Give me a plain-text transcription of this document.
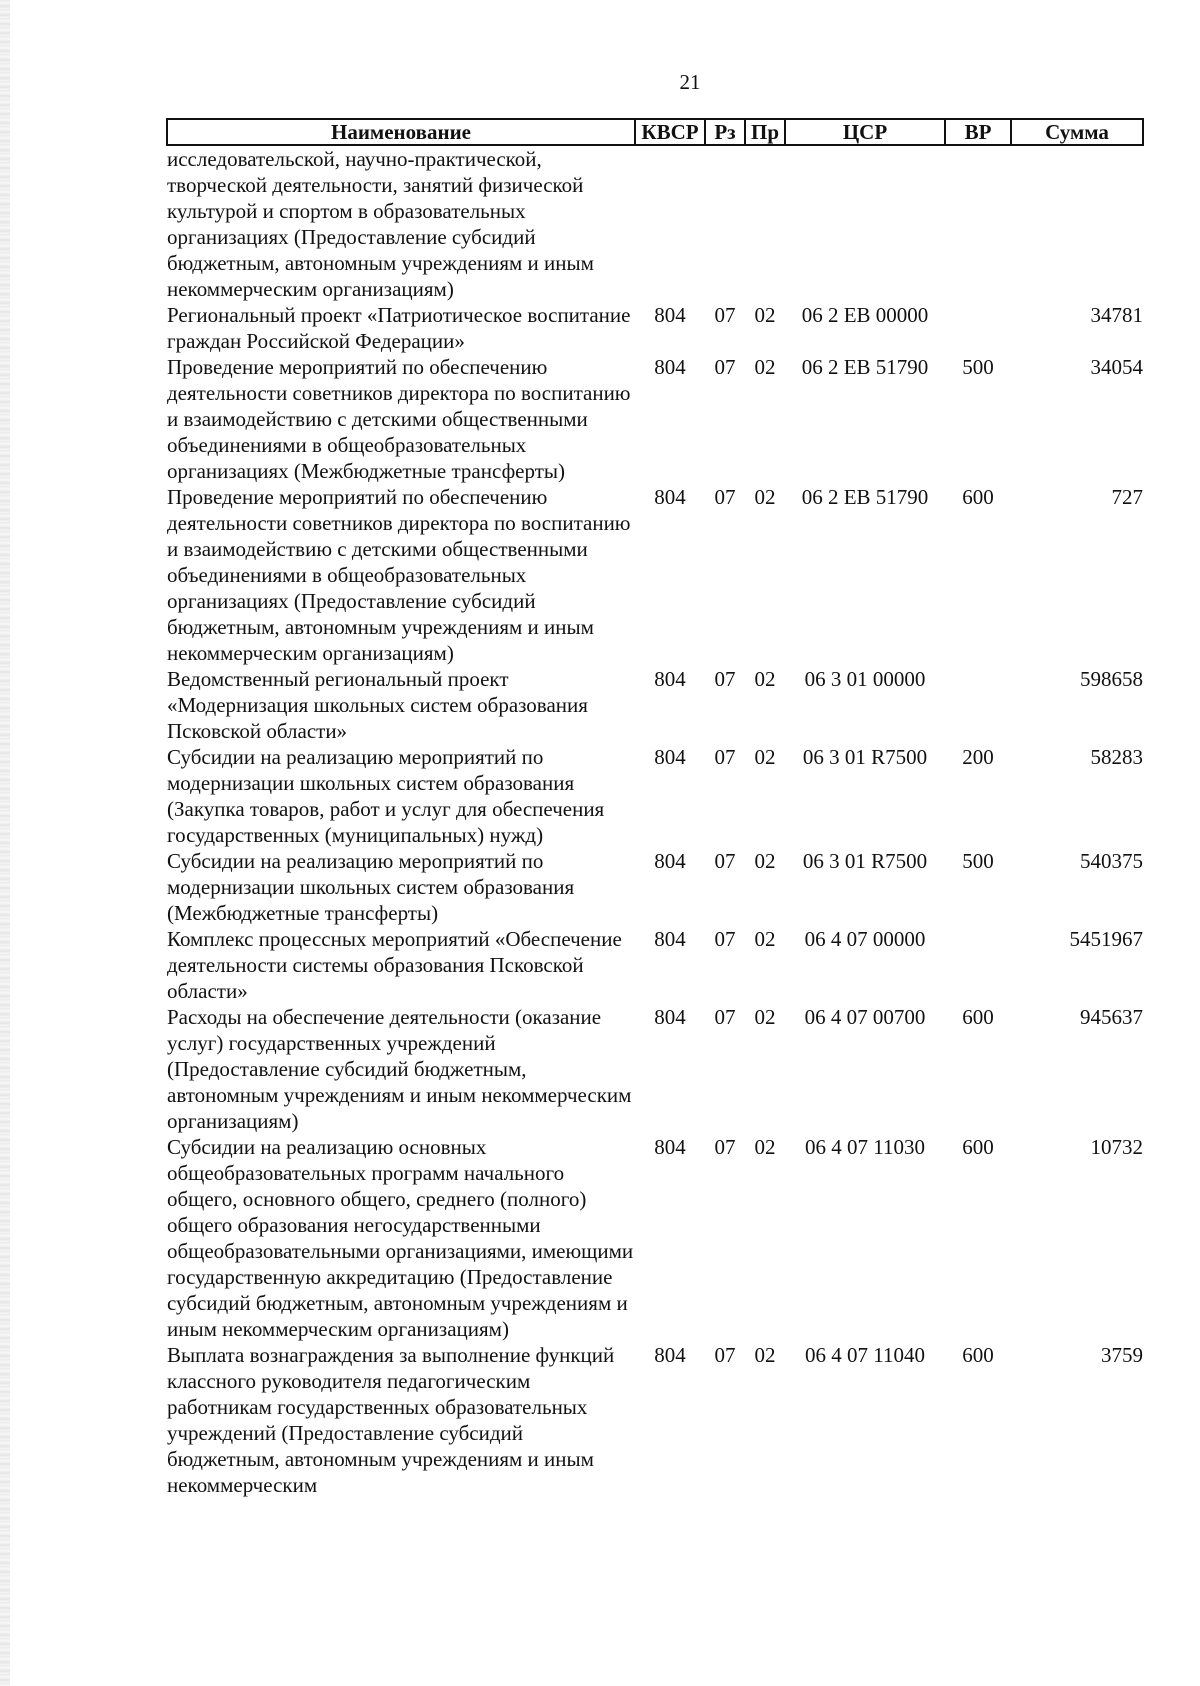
21
Наименование	КВСР	Рз	Пр	ЦСР	ВР	Сумма
исследовательской, научно-практической, творческой деятельности, занятий физической культурой и спортом в образовательных организациях (Предоставление субсидий бюджетным, автономным учреждениям и иным некоммерческим организациям)						
Региональный проект «Патриотическое воспитание граждан Российской Федерации»	804	07	02	06 2 EB 00000		34781
Проведение мероприятий по обеспечению деятельности советников директора по воспитанию и взаимодействию с детскими общественными объединениями в общеобразовательных организациях (Межбюджетные трансферты)	804	07	02	06 2 EB 51790	500	34054
Проведение мероприятий по обеспечению деятельности советников директора по воспитанию и взаимодействию с детскими общественными объединениями в общеобразовательных организациях (Предоставление субсидий бюджетным, автономным учреждениям и иным некоммерческим организациям)	804	07	02	06 2 EB 51790	600	727
Ведомственный региональный проект «Модернизация школьных систем образования Псковской области»	804	07	02	06 3 01 00000		598658
Субсидии на реализацию мероприятий по модернизации школьных систем образования (Закупка товаров, работ и услуг для обеспечения государственных (муниципальных) нужд)	804	07	02	06 3 01 R7500	200	58283
Субсидии на реализацию мероприятий по модернизации школьных систем образования (Межбюджетные трансферты)	804	07	02	06 3 01 R7500	500	540375
Комплекс процессных мероприятий «Обеспечение деятельности системы образования Псковской области»	804	07	02	06 4 07 00000		5451967
Расходы на обеспечение деятельности (оказание услуг) государственных учреждений (Предоставление субсидий бюджетным, автономным учреждениям и иным некоммерческим организациям)	804	07	02	06 4 07 00700	600	945637
Субсидии на реализацию основных общеобразовательных программ начального общего, основного общего, среднего (полного) общего образования негосударственными общеобразовательными организациями, имеющими государственную аккредитацию (Предоставление субсидий бюджетным, автономным учреждениям и иным некоммерческим организациям)	804	07	02	06 4 07 11030	600	10732
Выплата вознаграждения за выполнение функций классного руководителя педагогическим работникам государственных образовательных учреждений (Предоставление субсидий бюджетным, автономным учреждениям и иным некоммерческим	804	07	02	06 4 07 11040	600	3759
